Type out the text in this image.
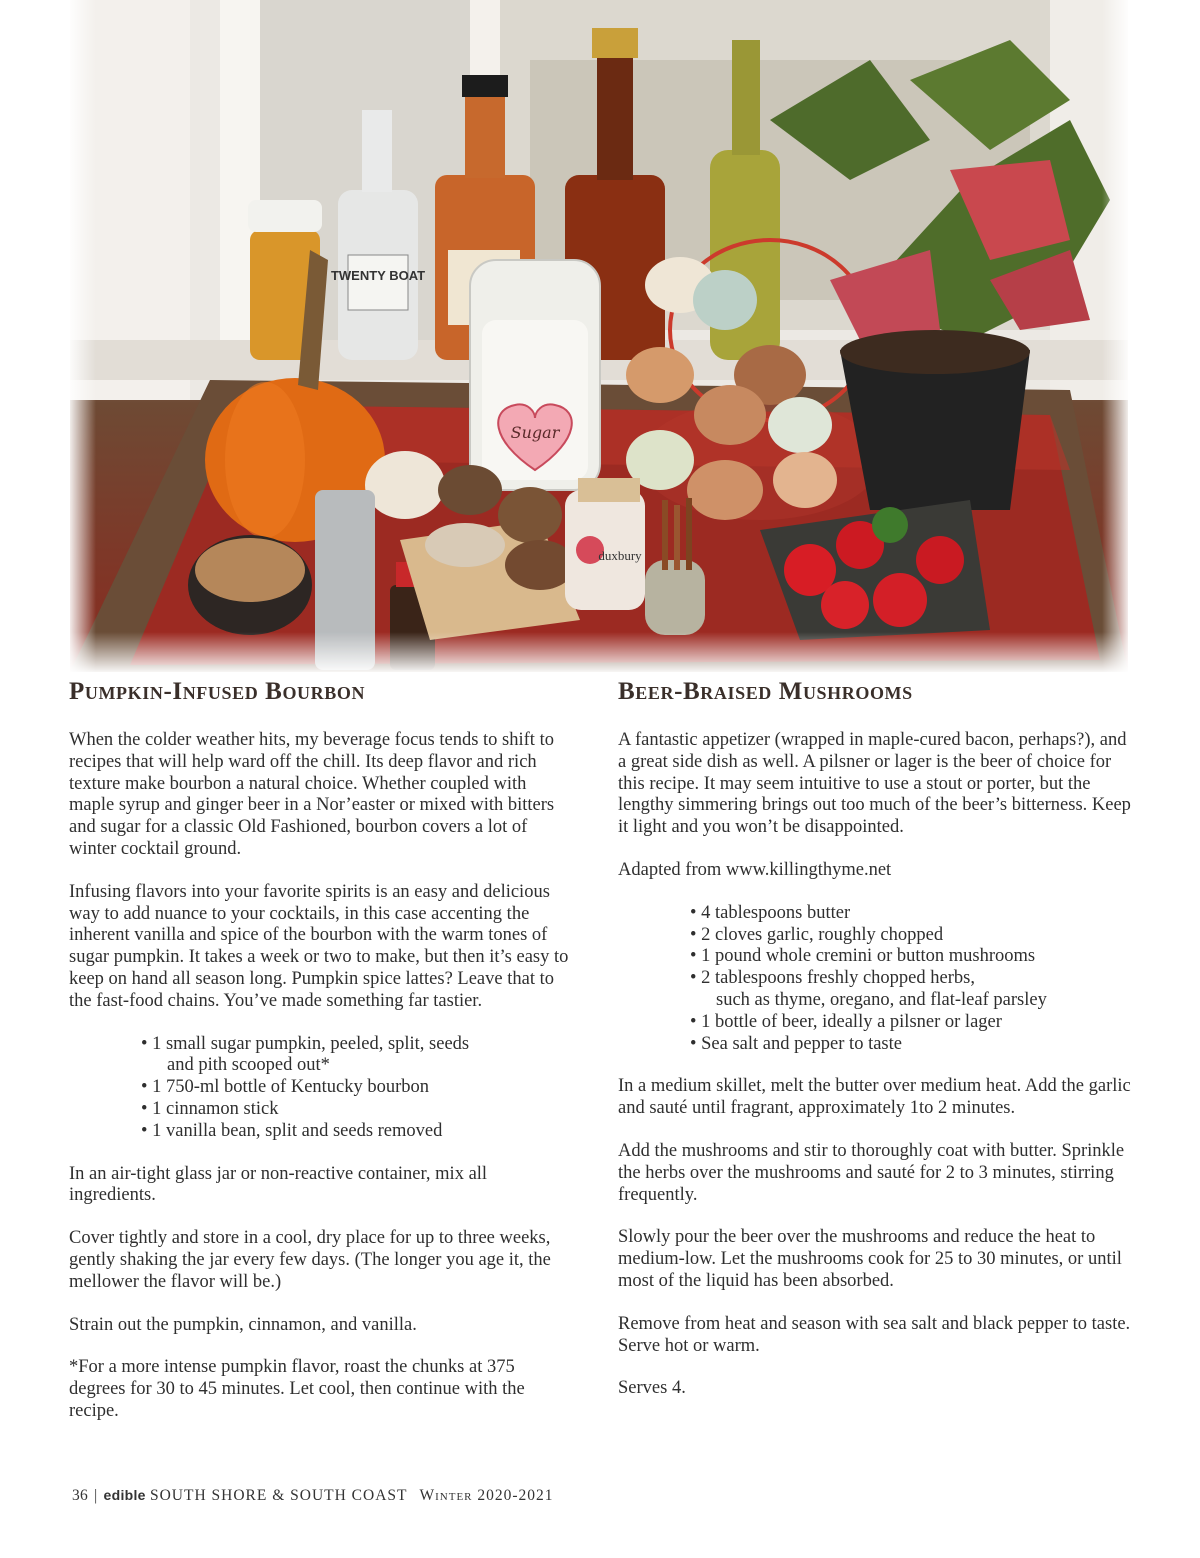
TWENTY BOAT
Sugar
duxbury
Pumpkin-Infused Bourbon

When the colder weather hits, my beverage focus tends to shift to recipes that will help ward off the chill. Its deep flavor and rich texture make bourbon a natural choice. Whether coupled with maple syrup and ginger beer in a Nor’easter or mixed with bitters and sugar for a classic Old Fashioned, bourbon covers a lot of winter cocktail ground.

Infusing flavors into your favorite spirits is an easy and delicious way to add nuance to your cocktails, in this case accenting the inherent vanilla and spice of the bourbon with the warm tones of sugar pumpkin. It takes a week or two to make, but then it’s easy to keep on hand all season long. Pumpkin spice lattes? Leave that to the fast-food chains. You’ve made something far tastier.

• 1 small sugar pumpkin, peeled, split, seeds
and pith scooped out*
• 1 750-ml bottle of Kentucky bourbon
• 1 cinnamon stick
• 1 vanilla bean, split and seeds removed

In an air-tight glass jar or non-reactive container, mix all ingredients.

Cover tightly and store in a cool, dry place for up to three weeks, gently shaking the jar every few days. (The longer you age it, the mellower the flavor will be.)

Strain out the pumpkin, cinnamon, and vanilla.

*For a more intense pumpkin flavor, roast the chunks at 375 degrees for 30 to 45 minutes. Let cool, then continue with the recipe.

Beer-Braised Mushrooms

A fantastic appetizer (wrapped in maple-cured bacon, perhaps?), and a great side dish as well. A pilsner or lager is the beer of choice for this recipe. It may seem intuitive to use a stout or porter, but the lengthy simmering brings out too much of the beer’s bitterness. Keep it light and you won’t be disappointed.

Adapted from www.killingthyme.net

• 4 tablespoons butter
• 2 cloves garlic, roughly chopped
• 1 pound whole cremini or button mushrooms
• 2 tablespoons freshly chopped herbs,
such as thyme, oregano, and flat-leaf parsley
• 1 bottle of beer, ideally a pilsner or lager
• Sea salt and pepper to taste

In a medium skillet, melt the butter over medium heat. Add the garlic and sauté until fragrant, approximately 1to 2 minutes.

Add the mushrooms and stir to thoroughly coat with butter. Sprinkle the herbs over the mushrooms and sauté for 2 to 3 minutes, stirring frequently.

Slowly pour the beer over the mushrooms and reduce the heat to medium-low. Let the mushrooms cook for 25 to 30 minutes, or until most of the liquid has been absorbed.

Remove from heat and season with sea salt and black pepper to taste. Serve hot or warm.

Serves 4.

36 | edible SOUTH SHORE & SOUTH COAST Winter 2020-2021
